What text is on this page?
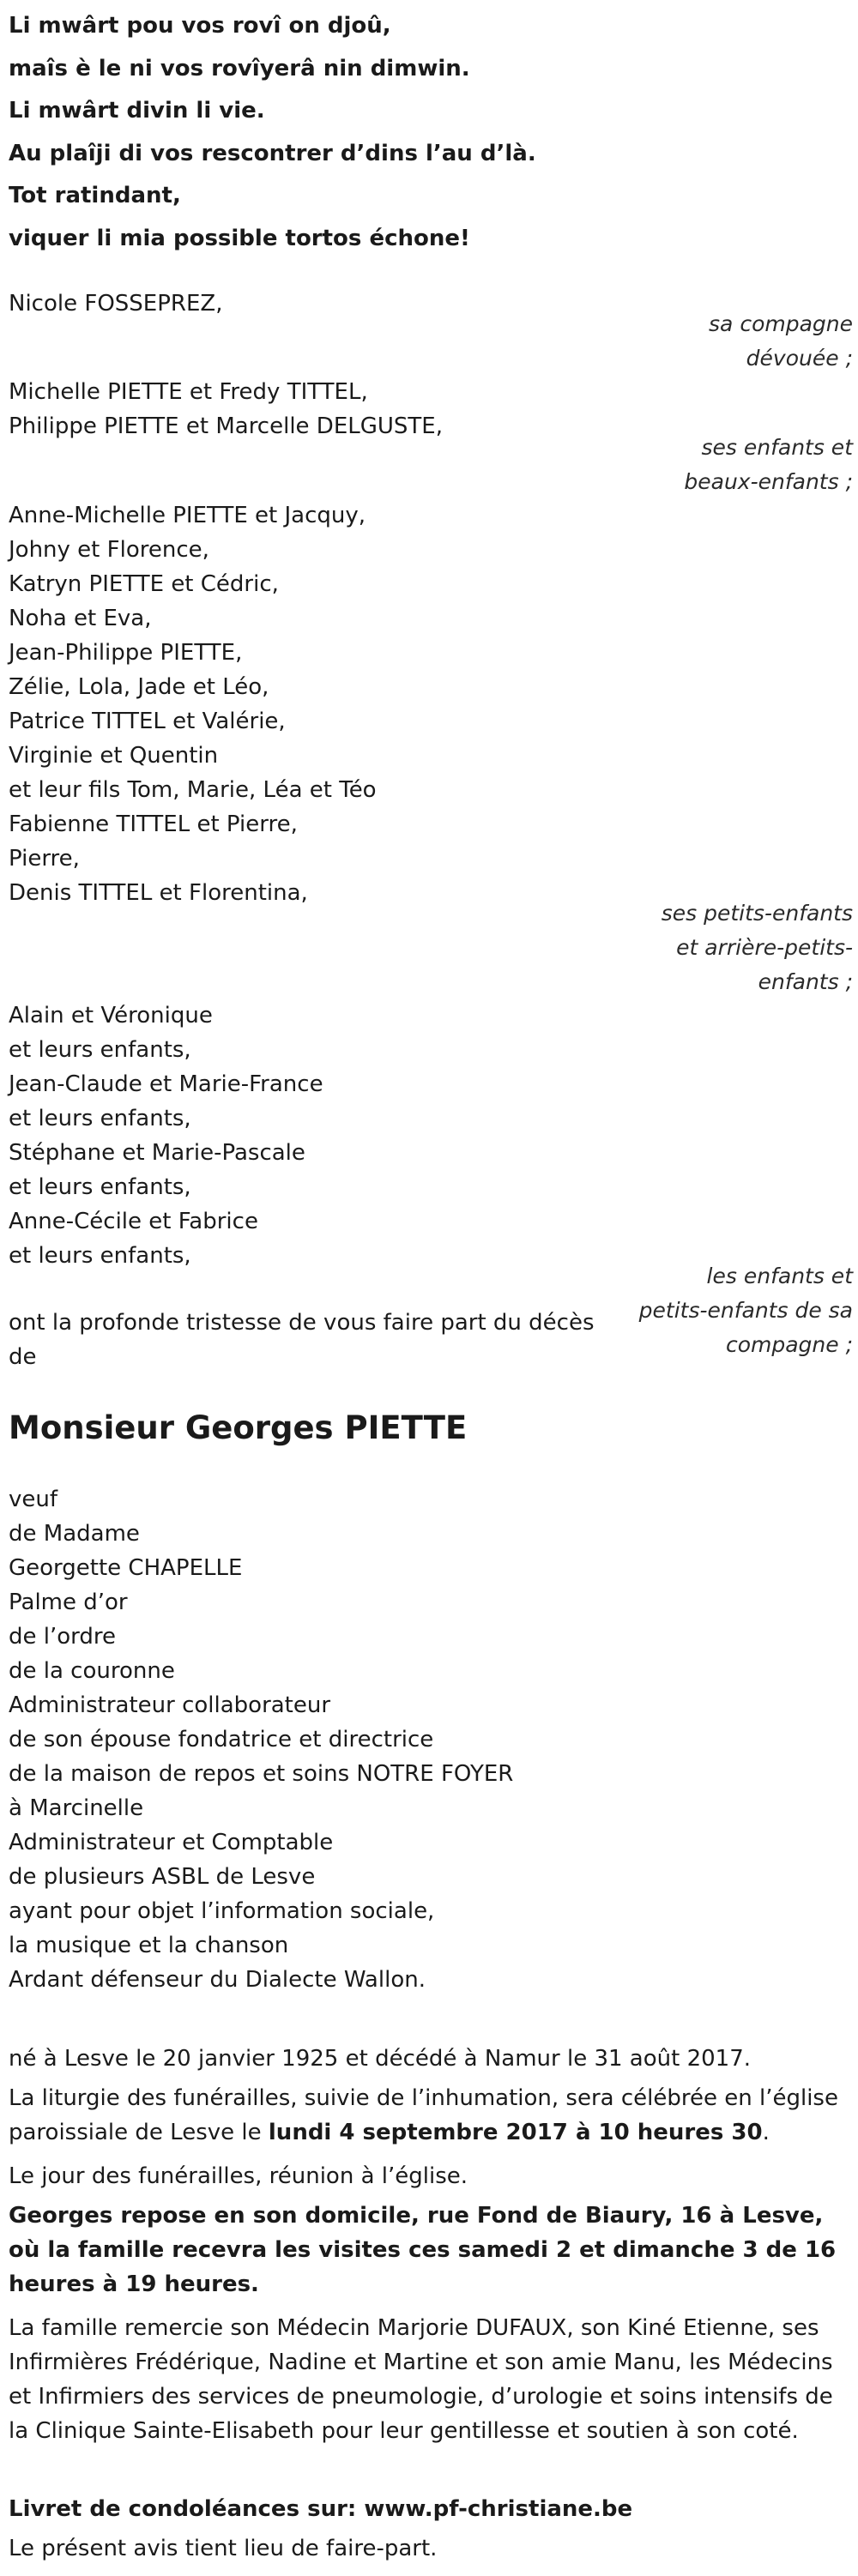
Li mwârt pou vos rovî on djoû,
maîs è le ni vos rovîyerâ nin dimwin.
Li mwârt divin li vie.
Au plaîji di vos rescontrer d’dins l’au d’là.
Tot ratindant,
viquer li mia possible tortos échone!
Nicole FOSSEPREZ,
sa compagne
dévouée ;
Michelle PIETTE et Fredy TITTEL,
Philippe PIETTE et Marcelle DELGUSTE,
ses enfants et
beaux-enfants ;
Anne-Michelle PIETTE et Jacquy,
Johny et Florence,
Katryn PIETTE et Cédric,
Noha et Eva,
Jean-Philippe PIETTE,
Zélie, Lola, Jade et Léo,
Patrice TITTEL et Valérie,
Virginie et Quentin
et leur fils Tom, Marie, Léa et Téo
Fabienne TITTEL et Pierre,
Pierre,
Denis TITTEL et Florentina,
ses petits-enfants
et arrière-petits-
enfants ;
Alain et Véronique
et leurs enfants,
Jean-Claude et Marie-France
et leurs enfants,
Stéphane et Marie-Pascale
et leurs enfants,
Anne-Cécile et Fabrice
et leurs enfants,
les enfants et
petits-enfants de sa
compagne ;
ont la profonde tristesse de vous faire part du décès
de
Monsieur Georges PIETTE
veuf
de Madame
Georgette CHAPELLE
Palme d’or
de l’ordre
de la couronne
Administrateur collaborateur
de son épouse fondatrice et directrice
de la maison de repos et soins NOTRE FOYER
à Marcinelle
Administrateur et Comptable
de plusieurs ASBL de Lesve
ayant pour objet l’information sociale,
la musique et la chanson
Ardant défenseur du Dialecte Wallon.
né à Lesve le 20 janvier 1925 et décédé à Namur le 31 août 2017.
La liturgie des funérailles, suivie de l’inhumation, sera célébrée en l’église paroissiale de Lesve le lundi 4 septembre 2017 à 10 heures 30.
Le jour des funérailles, réunion à l’église.
Georges repose en son domicile, rue Fond de Biaury, 16 à Lesve, où la famille recevra les visites ces samedi 2 et dimanche 3 de 16 heures à 19 heures.
La famille remercie son Médecin Marjorie DUFAUX, son Kiné Etienne, ses Infirmières Frédérique, Nadine et Martine et son amie Manu, les Médecins et Infirmiers des services de pneumologie, d’urologie et soins intensifs de la Clinique Sainte-Elisabeth pour leur gentillesse et soutien à son coté.
Livret de condoléances sur: www.pf-christiane.be
Le présent avis tient lieu de faire-part.
